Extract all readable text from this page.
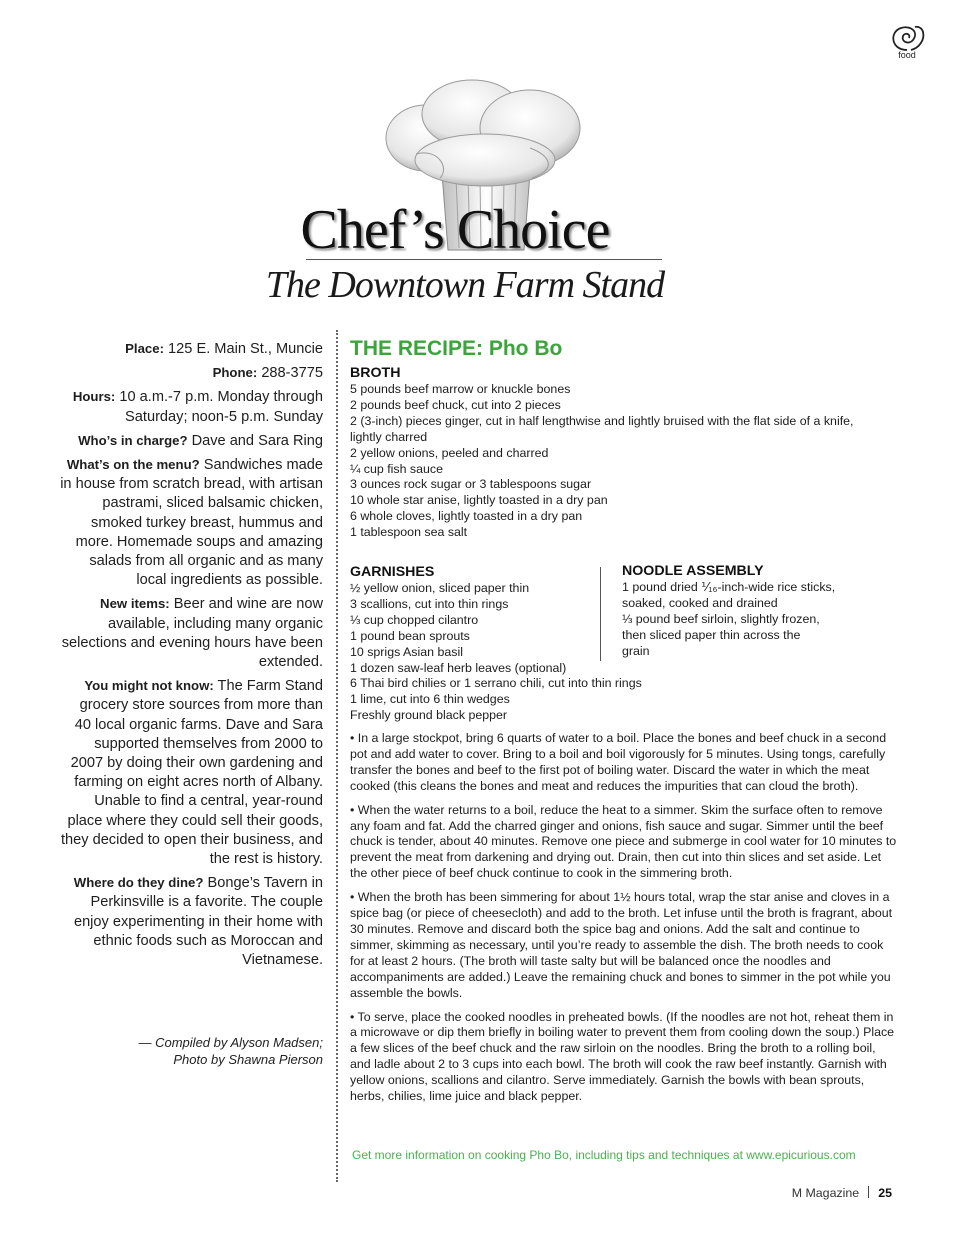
food
Chef’s Choice
The Downtown Farm Stand

Place: 125 E. Main St., Muncie

Phone: 288-3775

Hours: 10 a.m.-7 p.m. Monday through Saturday; noon-5 p.m. Sunday

Who’s in charge? Dave and Sara Ring

What’s on the menu? Sandwiches made in house from scratch bread, with artisan pastrami, sliced balsamic chicken, smoked turkey breast, hummus and more. Homemade soups and amazing salads from all organic and as many local ingredients as possible.

New items: Beer and wine are now available, including many organic selections and evening hours have been extended.

You might not know: The Farm Stand grocery store sources from more than 40 local organic farms. Dave and Sara supported themselves from 2000 to 2007 by doing their own gardening and farming on eight acres north of Albany. Unable to find a central, year-round place where they could sell their goods, they decided to open their business, and the rest is history.

Where do they dine? Bonge’s Tavern in Perkinsville is a favorite. The couple enjoy experimenting in their home with ethnic foods such as Moroccan and Vietnamese.

— Compiled by Alyson Madsen;
Photo by Shawna Pierson
THE RECIPE: Pho Bo
BROTH
5 pounds beef marrow or knuckle bones
2 pounds beef chuck, cut into 2 pieces
2 (3-inch) pieces ginger, cut in half lengthwise and lightly bruised with the flat side of a knife,
lightly charred
2 yellow onions, peeled and charred
¼ cup fish sauce
3 ounces rock sugar or 3 tablespoons sugar
10 whole star anise, lightly toasted in a dry pan
6 whole cloves, lightly toasted in a dry pan
1 tablespoon sea salt
GARNISHES
½ yellow onion, sliced paper thin
3 scallions, cut into thin rings
⅓ cup chopped cilantro
1 pound bean sprouts
10 sprigs Asian basil
1 dozen saw-leaf herb leaves (optional)
6 Thai bird chilies or 1 serrano chili, cut into thin rings
1 lime, cut into 6 thin wedges
Freshly ground black pepper
NOODLE ASSEMBLY
1 pound dried ⅟₁₆-inch-wide rice sticks,
soaked, cooked and drained
⅓ pound beef sirloin, slightly frozen,
then sliced paper thin across the
grain

• In a large stockpot, bring 6 quarts of water to a boil. Place the bones and beef chuck in a second pot and add water to cover. Bring to a boil and boil vigorously for 5 minutes. Using tongs, carefully transfer the bones and beef to the first pot of boiling water. Discard the water in which the meat cooked (this cleans the bones and meat and reduces the impurities that can cloud the broth).

• When the water returns to a boil, reduce the heat to a simmer. Skim the surface often to remove any foam and fat. Add the charred ginger and onions, fish sauce and sugar. Simmer until the beef chuck is tender, about 40 minutes. Remove one piece and submerge in cool water for 10 minutes to prevent the meat from darkening and drying out. Drain, then cut into thin slices and set aside. Let the other piece of beef chuck continue to cook in the simmering broth.

• When the broth has been simmering for about 1½ hours total, wrap the star anise and cloves in a spice bag (or piece of cheesecloth) and add to the broth. Let infuse until the broth is fragrant, about 30 minutes. Remove and discard both the spice bag and onions. Add the salt and continue to simmer, skimming as necessary, until you’re ready to assemble the dish. The broth needs to cook for at least 2 hours. (The broth will taste salty but will be balanced once the noodles and accompaniments are added.) Leave the remaining chuck and bones to simmer in the pot while you assemble the bowls.

• To serve, place the cooked noodles in preheated bowls. (If the noodles are not hot, reheat them in a microwave or dip them briefly in boiling water to prevent them from cooling down the soup.) Place a few slices of the beef chuck and the raw sirloin on the noodles. Bring the broth to a rolling boil, and ladle about 2 to 3 cups into each bowl. The broth will cook the raw beef instantly. Garnish with yellow onions, scallions and cilantro. Serve immediately. Garnish the bowls with bean sprouts, herbs, chilies, lime juice and black pepper.

Get more information on cooking Pho Bo, including tips and techniques at www.epicurious.com
M Magazine 25
